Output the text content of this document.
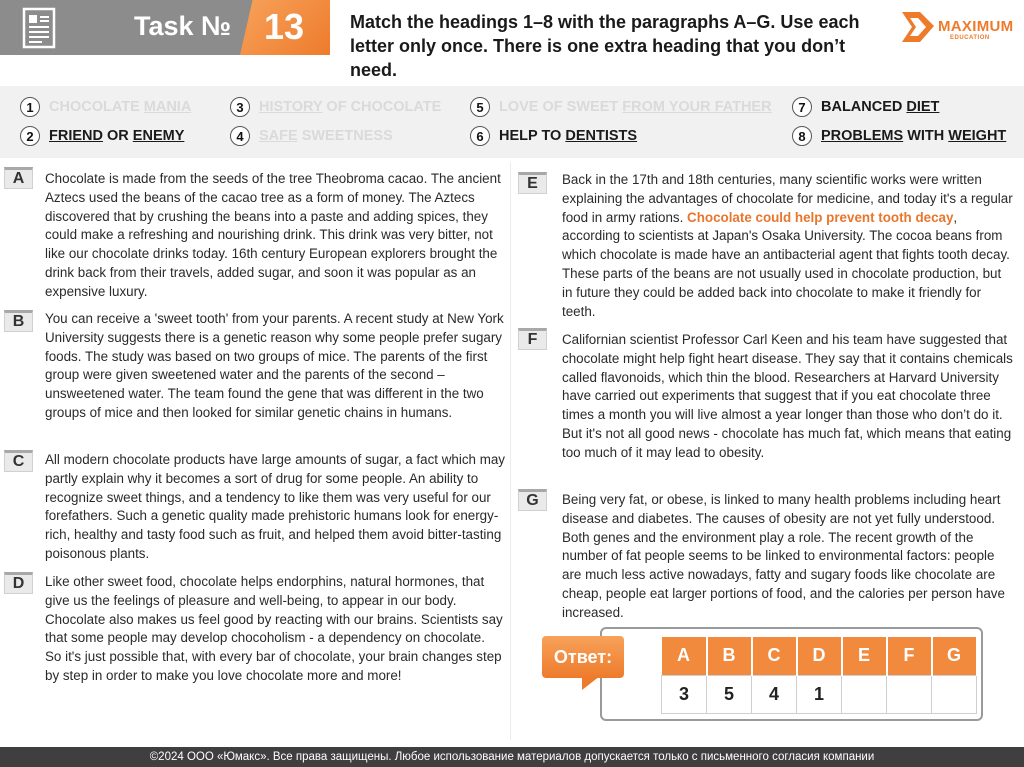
Task № 13	Match the headings 1–8 with the paragraphs A–G. Use each letter only once. There is one extra heading that you don’t need.
MAXIMUM
EDUCATION
1	CHOCOLATE MANIA
2	FRIEND OR ENEMY
3	HISTORY OF CHOCOLATE
4	SAFE SWEETNESS
5	LOVE OF SWEET FROM YOUR FATHER
6	HELP TO DENTISTS
7	BALANCED DIET
8	PROBLEMS WITH WEIGHT
A	Chocolate is made from the seeds of the tree Theobroma cacao. The ancient Aztecs used the beans of the cacao tree as a form of money. The Aztecs discovered that by crushing the beans into a paste and adding spices, they could make a refreshing and nourishing drink. This drink was very bitter, not like our chocolate drinks today. 16th century European explorers brought the drink back from their travels, added sugar, and soon it was popular as an expensive luxury.
B	You can receive a 'sweet tooth' from your parents. A recent study at New York University suggests there is a genetic reason why some people prefer sugary foods. The study was based on two groups of mice. The parents of the first group were given sweetened water and the parents of the second – unsweetened water. The team found the gene that was different in the two groups of mice and then looked for similar genetic chains in humans.
C	All modern chocolate products have large amounts of sugar, a fact which may partly explain why it becomes a sort of drug for some people. An ability to recognize sweet things, and a tendency to like them was very useful for our forefathers. Such a genetic quality made prehistoric humans look for energy-rich, healthy and tasty food such as fruit, and helped them avoid bitter-tasting poisonous plants.
D	Like other sweet food, chocolate helps endorphins, natural hormones, that give us the feelings of pleasure and well-being, to appear in our body. Chocolate also makes us feel good by reacting with our brains. Scientists say that some people may develop chocoholism - a dependency on chocolate. So it's just possible that, with every bar of chocolate, your brain changes step by step in order to make you love chocolate more and more!
E	Back in the 17th and 18th centuries, many scientific works were written explaining the advantages of chocolate for medicine, and today it's a regular food in army rations. Chocolate could help prevent tooth decay, according to scientists at Japan's Osaka University. The cocoa beans from which chocolate is made have an antibacterial agent that fights tooth decay. These parts of the beans are not usually used in chocolate production, but in future they could be added back into chocolate to make it friendly for teeth.
F	Californian scientist Professor Carl Keen and his team have suggested that chocolate might help fight heart disease. They say that it contains chemicals called flavonoids, which thin the blood. Researchers at Harvard University have carried out experiments that suggest that if you eat chocolate three times a month you will live almost a year longer than those who don’t do it. But it's not all good news - chocolate has much fat, which means that eating too much of it may lead to obesity.
G	Being very fat, or obese, is linked to many health problems including heart disease and diabetes. The causes of obesity are not yet fully understood. Both genes and the environment play a role. The recent growth of the number of fat people seems to be linked to environmental factors: people are much less active nowadays, fatty and sugary foods like chocolate are cheap, people eat larger portions of food, and the calories per person have increased.
Ответ:	A	B	C	D	E	F	G
3	5	4	1			
©2024 ООО «Юмакс». Все права защищены. Любое использование материалов допускается только с письменного согласия компании
